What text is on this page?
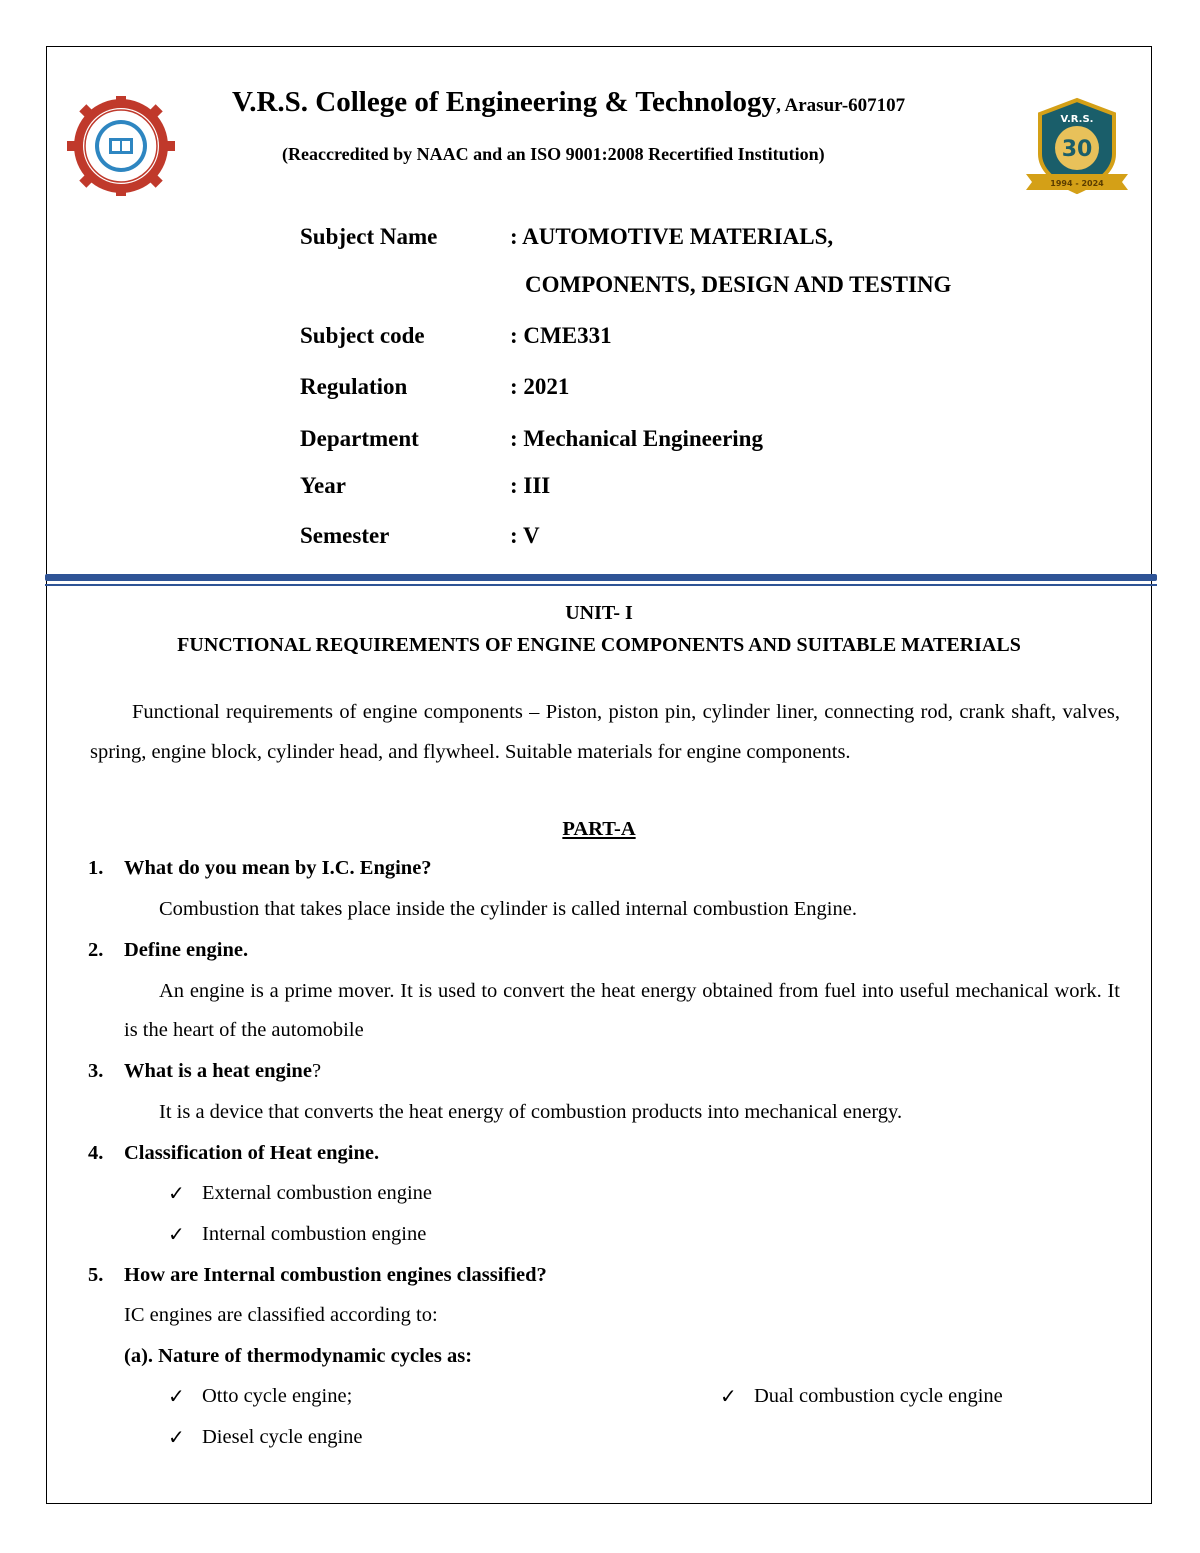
30
V.R.S.
1994 - 2024
V.R.S. College of Engineering & Technology, Arasur-607107
(Reaccredited by NAAC and an ISO 9001:2008 Recertified Institution)
Subject Name	: AUTOMOTIVE MATERIALS,
COMPONENTS, DESIGN AND TESTING
Subject code	: CME331
Regulation	: 2021
Department	: Mechanical Engineering
Year	: III
Semester	: V
UNIT- I
FUNCTIONAL REQUIREMENTS OF ENGINE COMPONENTS AND SUITABLE MATERIALS
Functional requirements of engine components – Piston, piston pin, cylinder liner, connecting rod, crank shaft, valves, spring, engine block, cylinder head, and flywheel. Suitable materials for engine components.
PART-A
1. What do you mean by I.C. Engine?
Combustion that takes place inside the cylinder is called internal combustion Engine.
2. Define engine.
An engine is a prime mover. It is used to convert the heat energy obtained from fuel into useful mechanical work. It is the heart of the automobile
3. What is a heat engine?
It is a device that converts the heat energy of combustion products into mechanical energy.
4. Classification of Heat engine.
✓ External combustion engine
✓ Internal combustion engine
5. How are Internal combustion engines classified?
IC engines are classified according to:
(a). Nature of thermodynamic cycles as:
✓ Otto cycle engine;
✓ Diesel cycle engine
✓ Dual combustion cycle engine
